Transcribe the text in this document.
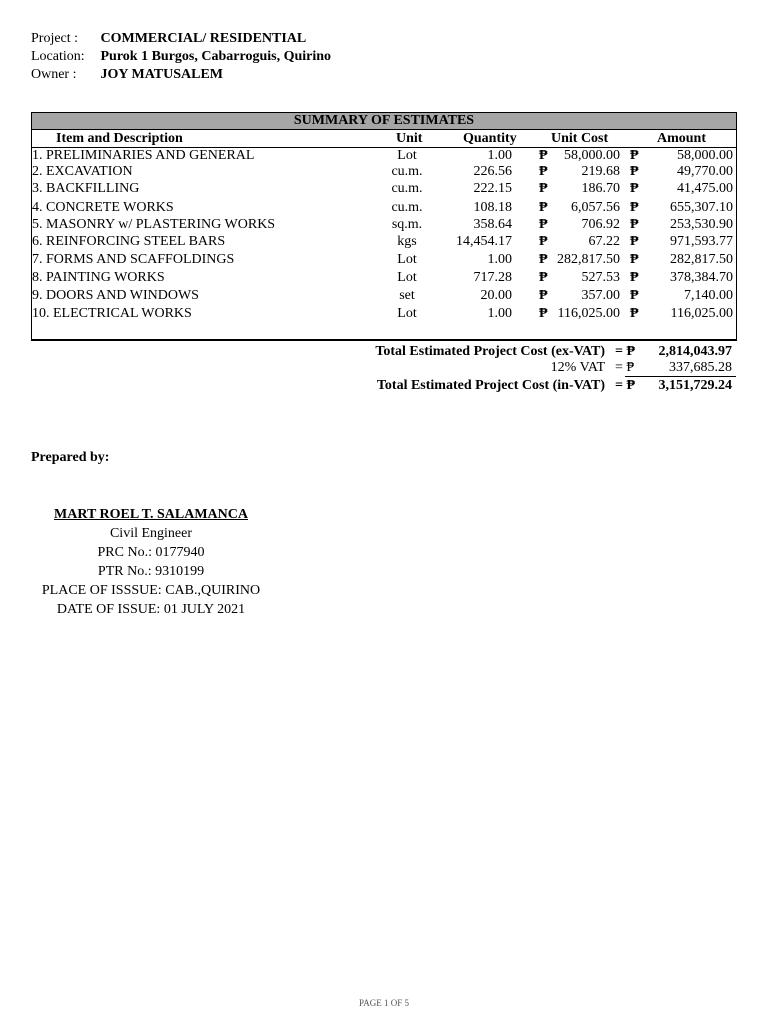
Project : COMMERCIAL/ RESIDENTIAL
Location: Purok 1 Burgos, Cabarroguis, Quirino
Owner : JOY MATUSALEM
SUMMARY OF ESTIMATES
Item and Description	Unit	Quantity Unit Cost	Amount
1. PRELIMINARIES AND GENERAL	Lot	1.00 ₱	58,000.00 ₱	58,000.00
2. EXCAVATION	cu.m.	226.56 ₱	219.68 ₱	49,770.00
3. BACKFILLING	cu.m.	222.15 ₱	186.70 ₱	41,475.00
4. CONCRETE WORKS	cu.m.	108.18 ₱	6,057.56 ₱	655,307.10
5. MASONRY w/ PLASTERING WORKS	sq.m.	358.64 ₱	706.92 ₱	253,530.90
6. REINFORCING STEEL BARS	kgs	14,454.17 ₱	67.22 ₱	971,593.77
7. FORMS AND SCAFFOLDINGS	Lot	1.00 ₱ 282,817.50 ₱	282,817.50
8. PAINTING WORKS	Lot	717.28 ₱	527.53 ₱	378,384.70
9. DOORS AND WINDOWS	set	20.00 ₱	357.00 ₱	7,140.00
10. ELECTRICAL WORKS	Lot	1.00 ₱ 116,025.00 ₱	116,025.00
Total Estimated Project Cost (ex-VAT) = ₱ 2,814,043.97
12% VAT = ₱ 337,685.28
Total Estimated Project Cost (in-VAT) = ₱ 3,151,729.24
Prepared by:
MART ROEL T. SALAMANCA
Civil Engineer
PRC No.: 0177940
PTR No.: 9310199
PLACE OF ISSSUE: CAB.,QUIRINO
DATE OF ISSUE: 01 JULY 2021
PAGE 1 OF 5
